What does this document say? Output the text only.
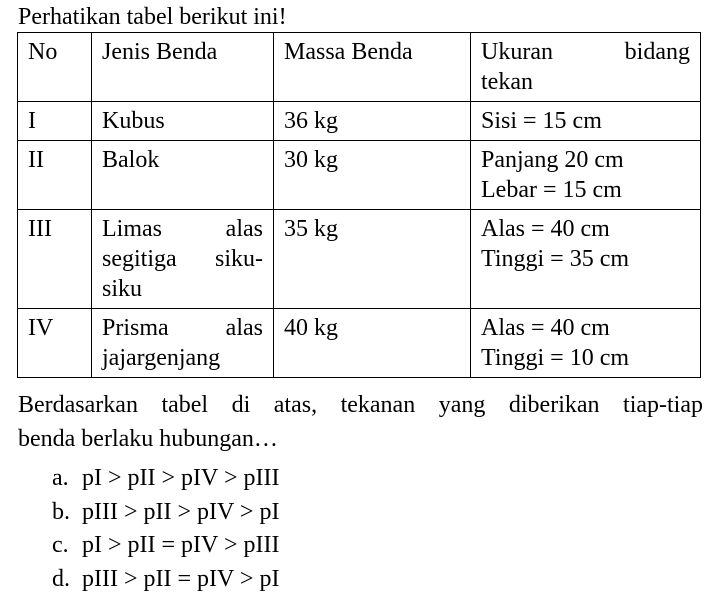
Perhatikan tabel berikut ini!
No	Jenis Benda	Massa Benda	Ukuran bidang
tekan

I	Kubus	36 kg	Sisi = 15 cm

II	Balok	30 kg	Panjang 20 cm
Lebar = 15 cm

III	Limas alas
segitiga siku-
siku	35 kg	Alas = 40 cm
Tinggi = 35 cm

IV	Prisma alas
jajargenjang	40 kg	Alas = 40 cm
Tinggi = 10 cm
Berdasarkan tabel di atas, tekanan yang diberikan tiap-tiap
benda berlaku hubungan…
a. pI > pII > pIV > pIII
b. pIII > pII > pIV > pI
c. pI > pII = pIV > pIII
d. pIII > pII = pIV > pI
